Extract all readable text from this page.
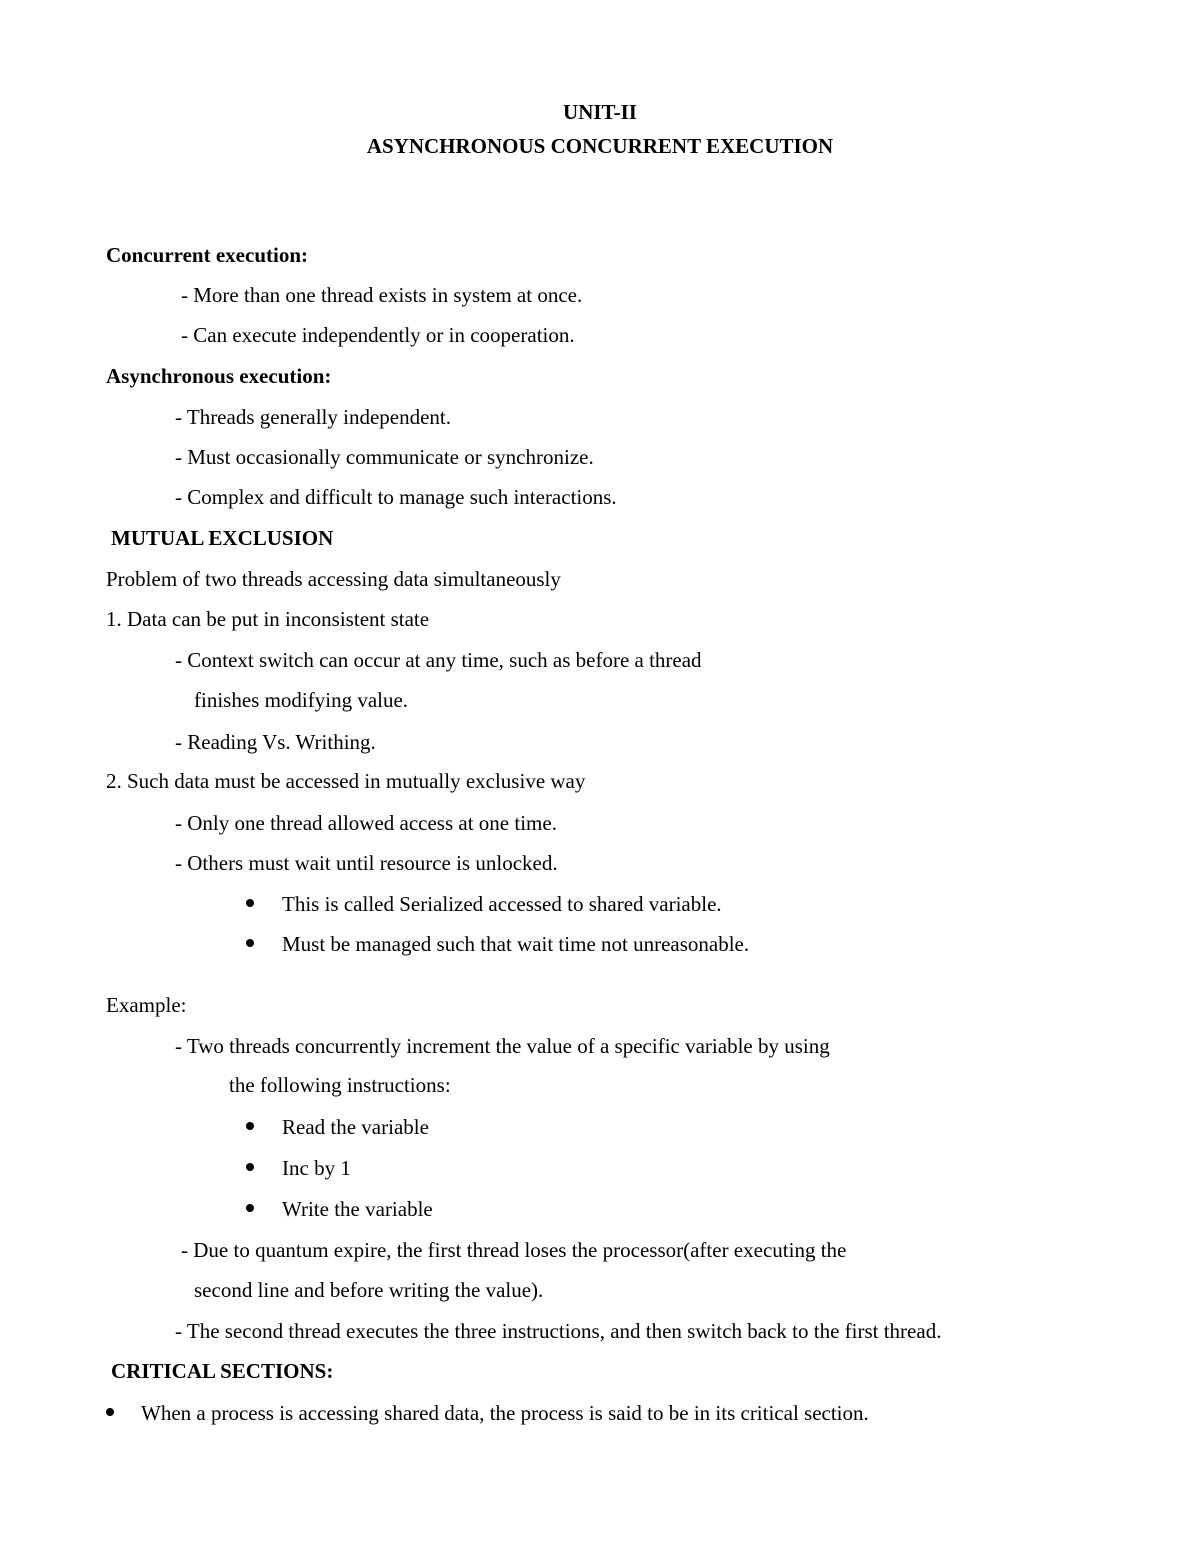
UNIT-II
ASYNCHRONOUS CONCURRENT EXECUTION
Concurrent execution:
- More than one thread exists in system at once.
- Can execute independently or in cooperation.
Asynchronous execution:
- Threads generally independent.
- Must occasionally communicate or synchronize.
- Complex and difficult to manage such interactions.
MUTUAL EXCLUSION
Problem of two threads accessing data simultaneously
1. Data can be put in inconsistent state
- Context switch can occur at any time, such as before a thread
finishes modifying value.
- Reading Vs. Writhing.
2. Such data must be accessed in mutually exclusive way
- Only one thread allowed access at one time.
- Others must wait until resource is unlocked.
This is called Serialized accessed to shared variable.
Must be managed such that wait time not unreasonable.
Example:
- Two threads concurrently increment the value of a specific variable by using
the following instructions:
Read the variable
Inc by 1
Write the variable
- Due to quantum expire, the first thread loses the processor(after executing the
second line and before writing the value).
- The second thread executes the three instructions, and then switch back to the first thread.
CRITICAL SECTIONS:
When a process is accessing shared data, the process is said to be in its critical section.
